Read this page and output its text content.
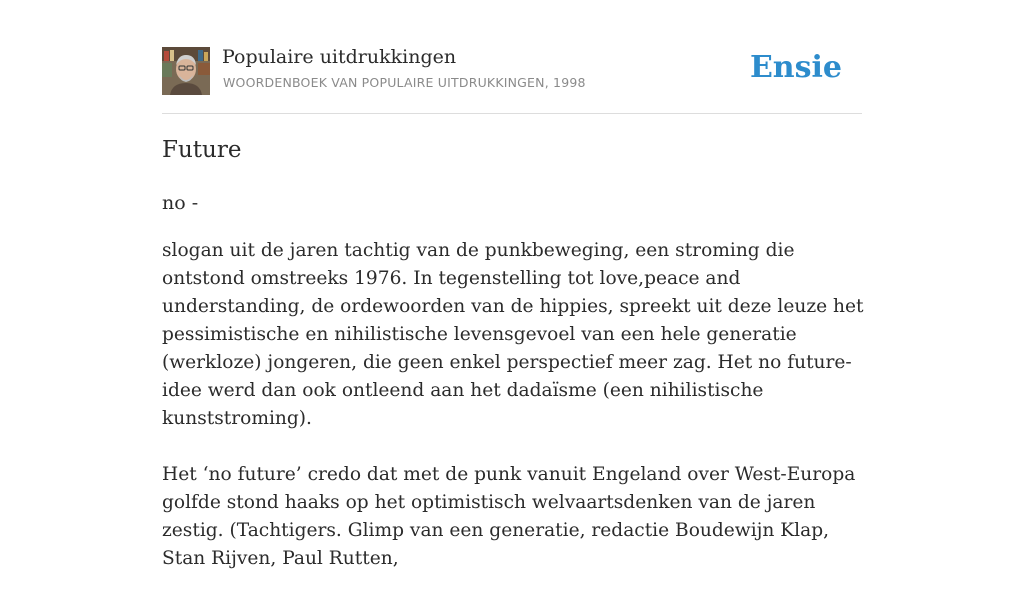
Populaire uitdrukkingen
WOORDENBOEK VAN POPULAIRE UITDRUKKINGEN, 1998	Ensie
Future
no -

slogan uit de jaren tachtig van de punkbeweging, een stroming die ontstond omstreeks 1976. In tegenstelling tot love,peace and understanding, de ordewoorden van de hippies, spreekt uit deze leuze het pessimistische en nihilistische levensgevoel van een hele generatie (werkloze) jongeren, die geen enkel perspectief meer zag. Het no future-idee werd dan ook ontleend aan het dadaïsme (een nihilistische kunststroming).

Het ‘no future’ credo dat met de punk vanuit Engeland over West-Europa golfde stond haaks op het optimistisch welvaartsdenken van de jaren zestig. (Tachtigers. Glimp van een generatie, redactie Boudewijn Klap, Stan Rijven, Paul Rutten,
